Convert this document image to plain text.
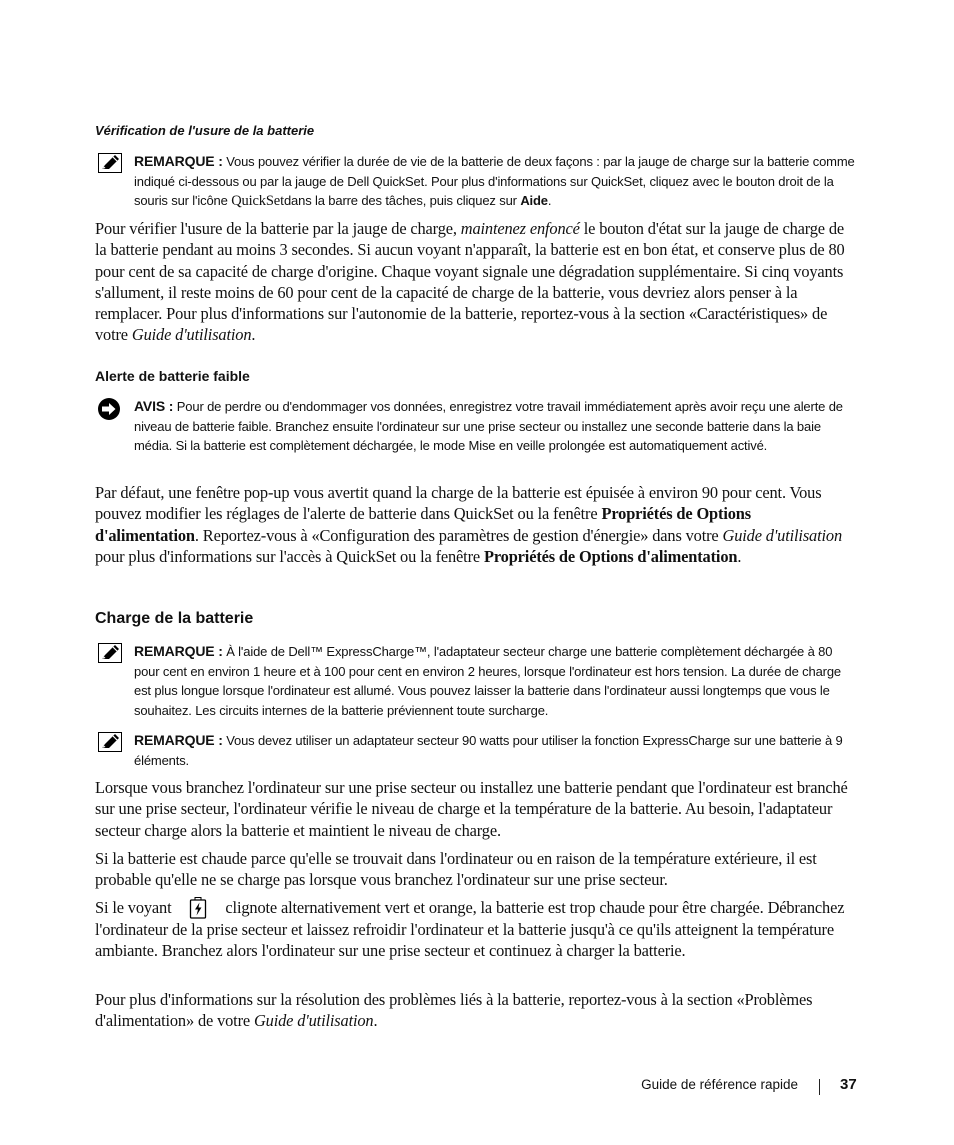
Vérification de l'usure de la batterie
REMARQUE : Vous pouvez vérifier la durée de vie de la batterie de deux façons : par la jauge de charge sur la batterie comme indiqué ci-dessous ou par la jauge de Dell QuickSet. Pour plus d'informations sur QuickSet, cliquez avec le bouton droit de la souris sur l'icône QuickSetdans la barre des tâches, puis cliquez sur Aide.
Pour vérifier l'usure de la batterie par la jauge de charge, maintenez enfoncé le bouton d'état sur la jauge de charge de la batterie pendant au moins 3 secondes. Si aucun voyant n'apparaît, la batterie est en bon état, et conserve plus de 80 pour cent de sa capacité de charge d'origine. Chaque voyant signale une dégradation supplémentaire. Si cinq voyants s'allument, il reste moins de 60 pour cent de la capacité de charge de la batterie, vous devriez alors penser à la remplacer. Pour plus d'informations sur l'autonomie de la batterie, reportez-vous à la section «Caractéristiques» de votre Guide d'utilisation.
Alerte de batterie faible
AVIS : Pour de perdre ou d'endommager vos données, enregistrez votre travail immédiatement après avoir reçu une alerte de niveau de batterie faible. Branchez ensuite l'ordinateur sur une prise secteur ou installez une seconde batterie dans la baie média. Si la batterie est complètement déchargée, le mode Mise en veille prolongée est automatiquement activé.
Par défaut, une fenêtre pop-up vous avertit quand la charge de la batterie est épuisée à environ 90 pour cent. Vous pouvez modifier les réglages de l'alerte de batterie dans QuickSet ou la fenêtre Propriétés de Options d'alimentation. Reportez-vous à «Configuration des paramètres de gestion d'énergie» dans votre Guide d'utilisation pour plus d'informations sur l'accès à QuickSet ou la fenêtre Propriétés de Options d'alimentation.
Charge de la batterie
REMARQUE : À l'aide de Dell™ ExpressCharge™, l'adaptateur secteur charge une batterie complètement déchargée à 80 pour cent en environ 1 heure et à 100 pour cent en environ 2 heures, lorsque l'ordinateur est hors tension. La durée de charge est plus longue lorsque l'ordinateur est allumé. Vous pouvez laisser la batterie dans l'ordinateur aussi longtemps que vous le souhaitez. Les circuits internes de la batterie préviennent toute surcharge.
REMARQUE : Vous devez utiliser un adaptateur secteur 90 watts pour utiliser la fonction ExpressCharge sur une batterie à 9 éléments.
Lorsque vous branchez l'ordinateur sur une prise secteur ou installez une batterie pendant que l'ordinateur est branché sur une prise secteur, l'ordinateur vérifie le niveau de charge et la température de la batterie. Au besoin, l'adaptateur secteur charge alors la batterie et maintient le niveau de charge.
Si la batterie est chaude parce qu'elle se trouvait dans l'ordinateur ou en raison de la température extérieure, il est probable qu'elle ne se charge pas lorsque vous branchez l'ordinateur sur une prise secteur.
Si le voyant	clignote alternativement vert et orange, la batterie est trop chaude pour être chargée. Débranchez l'ordinateur de la prise secteur et laissez refroidir l'ordinateur et la batterie jusqu'à ce qu'ils atteignent la température ambiante. Branchez alors l'ordinateur sur une prise secteur et continuez à charger la batterie.
Pour plus d'informations sur la résolution des problèmes liés à la batterie, reportez-vous à la section «Problèmes d'alimentation» de votre Guide d'utilisation.
Guide de référence rapide	37
